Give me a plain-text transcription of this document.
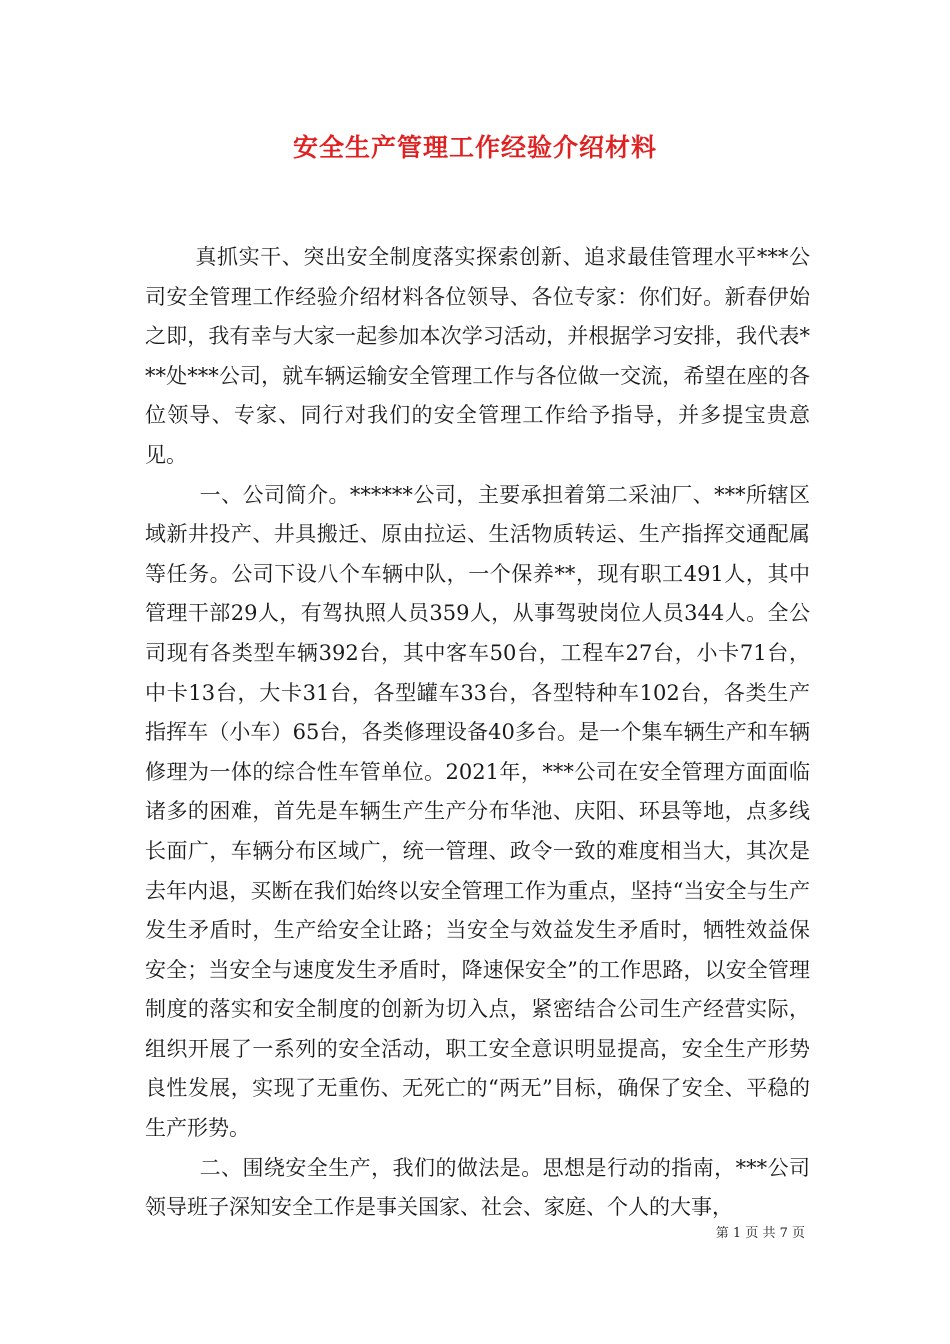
安全生产管理工作经验介绍材料

真抓实干、突出安全制度落实探索创新、追求最佳管理水平***公司安全管理工作经验介绍材料各位领导、各位专家：你们好。新春伊始之即，我有幸与大家一起参加本次学习活动，并根据学习安排，我代表***处***公司，就车辆运输安全管理工作与各位做一交流，希望在座的各位领导、专家、同行对我们的安全管理工作给予指导，并多提宝贵意见。

一、公司简介。******公司，主要承担着第二采油厂、***所辖区域新井投产、井具搬迁、原由拉运、生活物质转运、生产指挥交通配属等任务。公司下设八个车辆中队，一个保养**，现有职工491人，其中管理干部29人，有驾执照人员359人，从事驾驶岗位人员344人。全公司现有各类型车辆392台，其中客车50台，工程车27台，小卡71台，中卡13台，大卡31台，各型罐车33台，各型特种车102台，各类生产指挥车（小车）65台，各类修理设备40多台。是一个集车辆生产和车辆修理为一体的综合性车管单位。2021年，***公司在安全管理方面面临诸多的困难，首先是车辆生产生产分布华池、庆阳、环县等地，点多线长面广，车辆分布区域广，统一管理、政令一致的难度相当大，其次是去年内退，买断在我们始终以安全管理工作为重点，坚持“当安全与生产发生矛盾时，生产给安全让路；当安全与效益发生矛盾时，牺牲效益保安全；当安全与速度发生矛盾时，降速保安全”的工作思路，以安全管理制度的落实和安全制度的创新为切入点，紧密结合公司生产经营实际，组织开展了一系列的安全活动，职工安全意识明显提高，安全生产形势良性发展，实现了无重伤、无死亡的“两无”目标，确保了安全、平稳的生产形势。

二、围绕安全生产，我们的做法是。思想是行动的指南，***公司领导班子深知安全工作是事关国家、社会、家庭、个人的大事，

第 1 页 共 7 页
